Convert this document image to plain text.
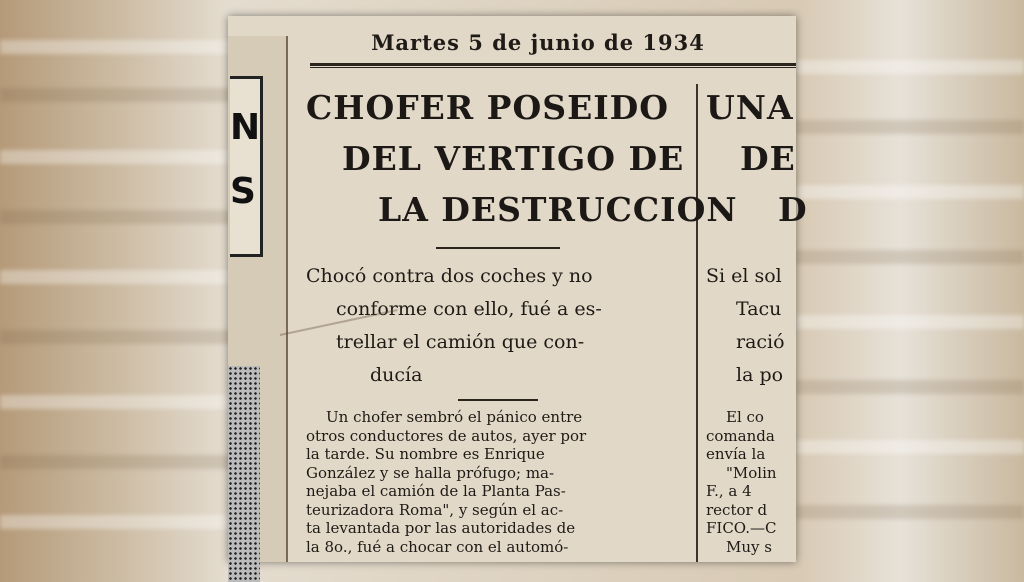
N
S
Martes 5 de junio de 1934
CHOFER POSEIDO
DEL VERTIGO DE
LA DESTRUCCION
Chocó contra dos coches y no
conforme con ello, fué a es-
trellar el camión que con-
ducía
Un chofer sembró el pánico entre
otros conductores de autos, ayer por
la tarde. Su nombre es Enrique
González y se halla prófugo; ma-
nejaba el camión de la Planta Pas-
teurizadora Roma", y según el ac-
ta levantada por las autoridades de
la 8o., fué a chocar con el automó-
UNA
DE
D
Si el sol
Tacu
ració
la po
El co
comanda
envía la
"Molin
F., a 4
rector d
FICO.—C
Muy s
